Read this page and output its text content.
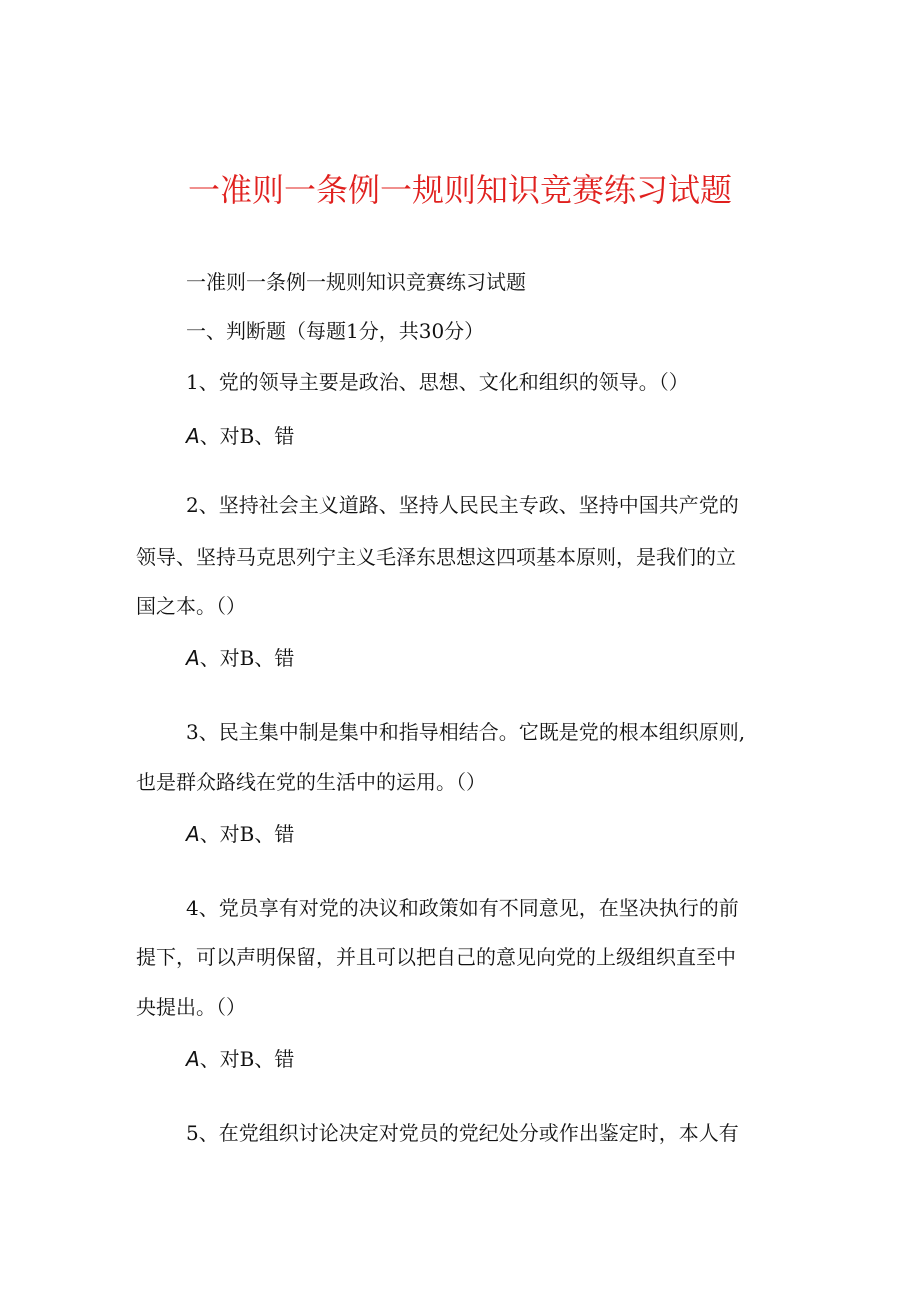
一准则一条例一规则知识竞赛练习试题

一准则一条例一规则知识竞赛练习试题

一、判断题（每题1分，共30分）

1、党的领导主要是政治、思想、文化和组织的领导。（）

A、对B、错

2、坚持社会主义道路、坚持人民民主专政、坚持中国共产党的

领导、坚持马克思列宁主义毛泽东思想这四项基本原则，是我们的立

国之本。（）

A、对B、错

3、民主集中制是集中和指导相结合。它既是党的根本组织原则,

也是群众路线在党的生活中的运用。（）

A、对B、错

4、党员享有对党的决议和政策如有不同意见，在坚决执行的前

提下，可以声明保留，并且可以把自己的意见向党的上级组织直至中

央提出。（）

A、对B、错

5、在党组织讨论决定对党员的党纪处分或作出鉴定时，本人有
